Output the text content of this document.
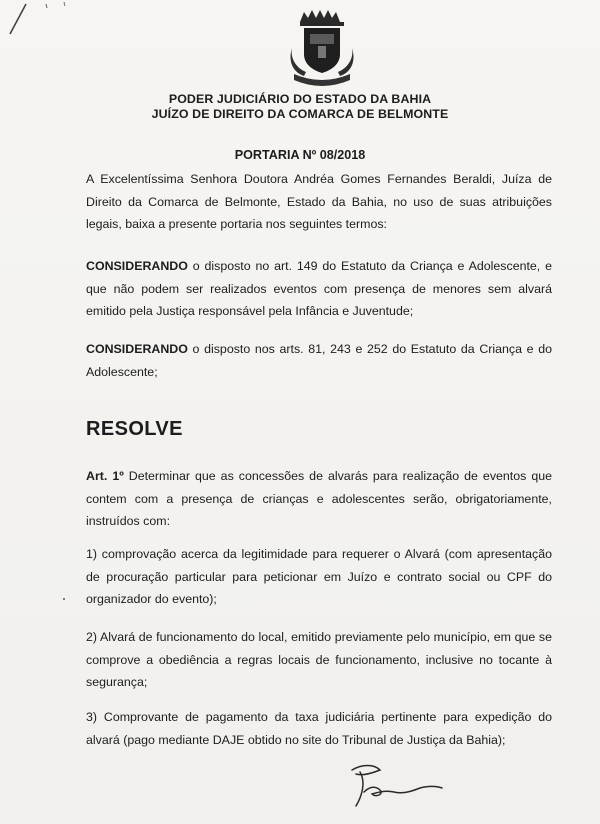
PODER JUDICIÁRIO DO ESTADO DA BAHIA
JUÍZO DE DIREITO DA COMARCA DE BELMONTE
PORTARIA Nº 08/2018
A Excelentíssima Senhora Doutora Andréa Gomes Fernandes Beraldi, Juíza de Direito da Comarca de Belmonte, Estado da Bahia, no uso de suas atribuições legais, baixa a presente portaria nos seguintes termos:
CONSIDERANDO o disposto no art. 149 do Estatuto da Criança e Adolescente, e que não podem ser realizados eventos com presença de menores sem alvará emitido pela Justiça responsável pela Infância e Juventude;
CONSIDERANDO o disposto nos arts. 81, 243 e 252 do Estatuto da Criança e do Adolescente;
RESOLVE
Art. 1º Determinar que as concessões de alvarás para realização de eventos que contem com a presença de crianças e adolescentes serão, obrigatoriamente, instruídos com:
1) comprovação acerca da legitimidade para requerer o Alvará (com apresentação de procuração particular para peticionar em Juízo e contrato social ou CPF do organizador do evento);
2) Alvará de funcionamento do local, emitido previamente pelo município, em que se comprove a obediência a regras locais de funcionamento, inclusive no tocante à segurança;
3) Comprovante de pagamento da taxa judiciária pertinente para expedição do alvará (pago mediante DAJE obtido no site do Tribunal de Justiça da Bahia);
